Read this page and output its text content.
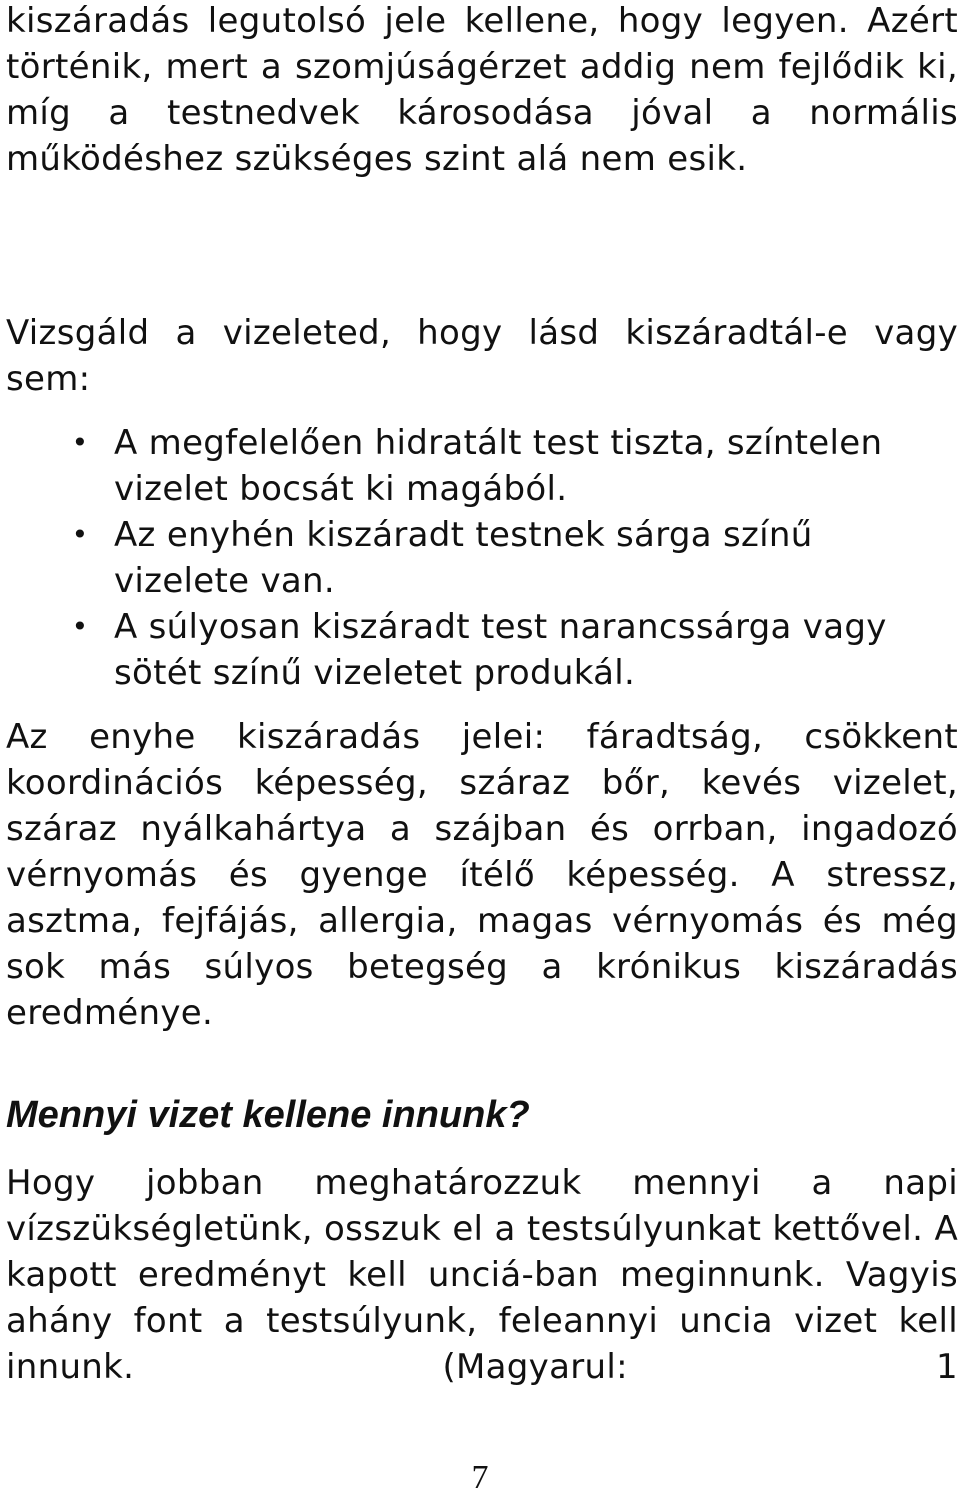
kiszáradás legutolsó jele kellene, hogy legyen. Azért történik, mert a szomjúságérzet addig nem fejlődik ki, míg a testnedvek károsodása jóval a normális működéshez szükséges szint alá nem esik.

Vizsgáld a vizeleted, hogy lásd kiszáradtál-e vagy sem:

• A megfelelően hidratált test tiszta, színtelen vizelet bocsát ki magából.
• Az enyhén kiszáradt testnek sárga színű vizelete van.
• A súlyosan kiszáradt test narancssárga vagy sötét színű vizeletet produkál.

Az enyhe kiszáradás jelei: fáradtság, csökkent koordinációs képesség, száraz bőr, kevés vizelet, száraz nyálkahártya a szájban és orrban, ingadozó vérnyomás és gyenge ítélő képesség. A stressz, asztma, fejfájás, allergia, magas vérnyomás és még sok más súlyos betegség a krónikus kiszáradás eredménye.

Mennyi vizet kellene innunk?

Hogy jobban meghatározzuk mennyi a napi vízszükségletünk, osszuk el a testsúlyunkat kettővel. A kapott eredményt kell unciá-ban meginnunk. Vagyis ahány font a testsúlyunk, feleannyi uncia vizet kell innunk. (Magyarul: 1

7
